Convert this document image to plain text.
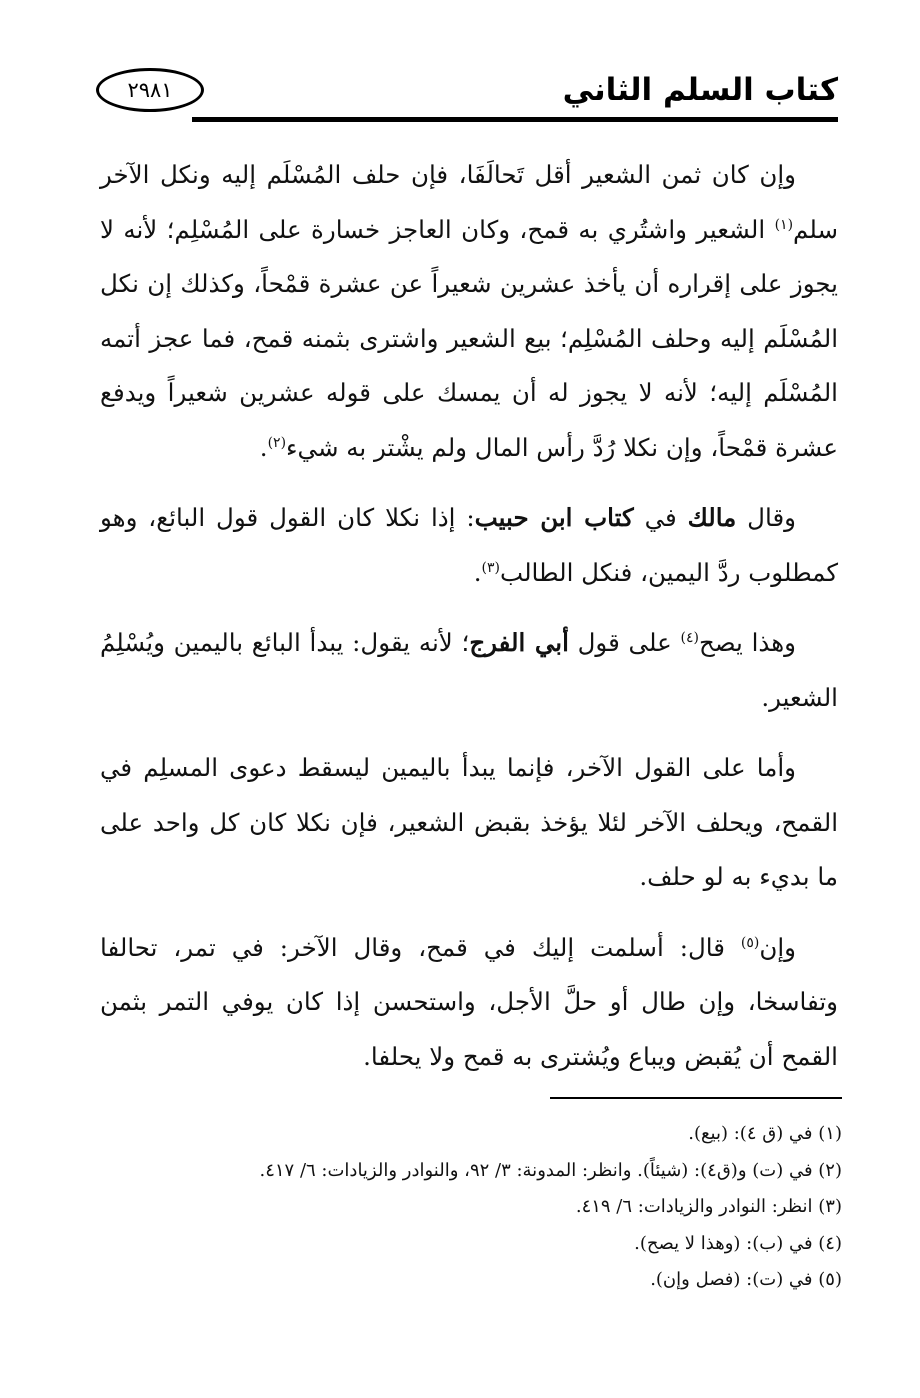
كتاب السلم الثاني
٢٩٨١

وإن كان ثمن الشعير أقل تَحالَفَا، فإن حلف المُسْلَم إليه ونكل الآخر سلم$^{(١)}$ الشعير واشتُري به قمح، وكان العاجز خسارة على المُسْلِم؛ لأنه لا يجوز على إقراره أن يأخذ عشرين شعيراً عن عشرة قمْحاً، وكذلك إن نكل المُسْلَم إليه وحلف المُسْلِم؛ بيع الشعير واشترى بثمنه قمح، فما عجز أتمه المُسْلَم إليه؛ لأنه لا يجوز له أن يمسك على قوله عشرين شعيراً ويدفع عشرة قمْحاً، وإن نكلا رُدَّ رأس المال ولم يشْتر به شيء$^{(٢)}$.

وقال مالك في كتاب ابن حبيب: إذا نكلا كان القول قول البائع، وهو كمطلوب ردَّ اليمين، فنكل الطالب$^{(٣)}$.

وهذا يصح$^{(٤)}$ على قول أبي الفرج؛ لأنه يقول: يبدأ البائع باليمين ويُسْلِمُ الشعير.

وأما على القول الآخر، فإنما يبدأ باليمين ليسقط دعوى المسلِم في القمح، ويحلف الآخر لئلا يؤخذ بقبض الشعير، فإن نكلا كان كل واحد على ما بديء به لو حلف.

وإن$^{(٥)}$ قال: أسلمت إليك في قمح، وقال الآخر: في تمر، تحالفا وتفاسخا، وإن طال أو حلَّ الأجل، واستحسن إذا كان يوفي التمر بثمن القمح أن يُقبض ويباع ويُشترى به قمح ولا يحلفا.

(١) في (ق ٤): (بيع).
(٢) في (ت) و(ق٤): (شيئاً). وانظر: المدونة: ٣/ ٩٢، والنوادر والزيادات: ٦/ ٤١٧.
(٣) انظر: النوادر والزيادات: ٦/ ٤١٩.
(٤) في (ب): (وهذا لا يصح).
(٥) في (ت): (فصل وإن).
